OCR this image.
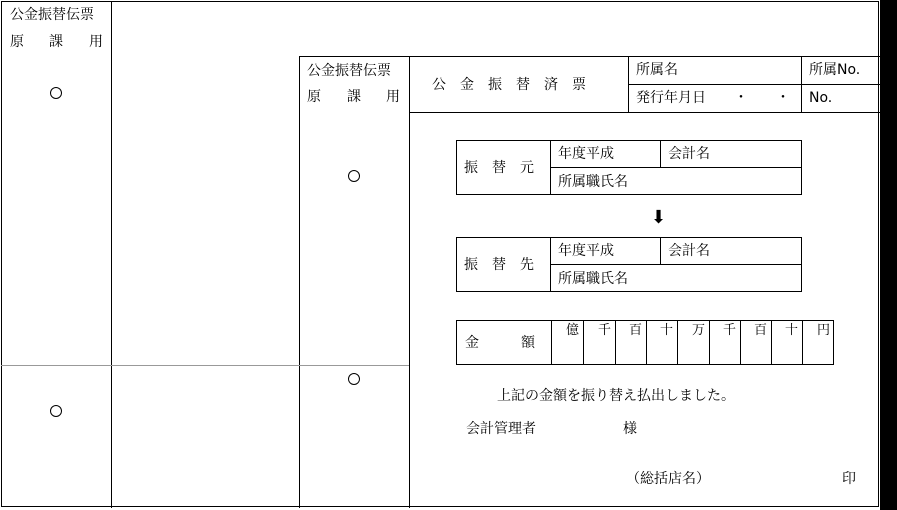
公金振替伝票
原 課 用
公金振替伝票
原 課 用
公　金　振　替　済　票
所属名	所属No.
発行年月日　　・　　・ No.
振　替　元
年度平成	会計名
所属職氏名
⬇
振　替　先
年度平成	会計名
所属職氏名
金　　　額
億 千 百 十 万 千 百 十 円
上記の金額を振り替え払出しました。
会計管理者	様
（総括店名）	印
